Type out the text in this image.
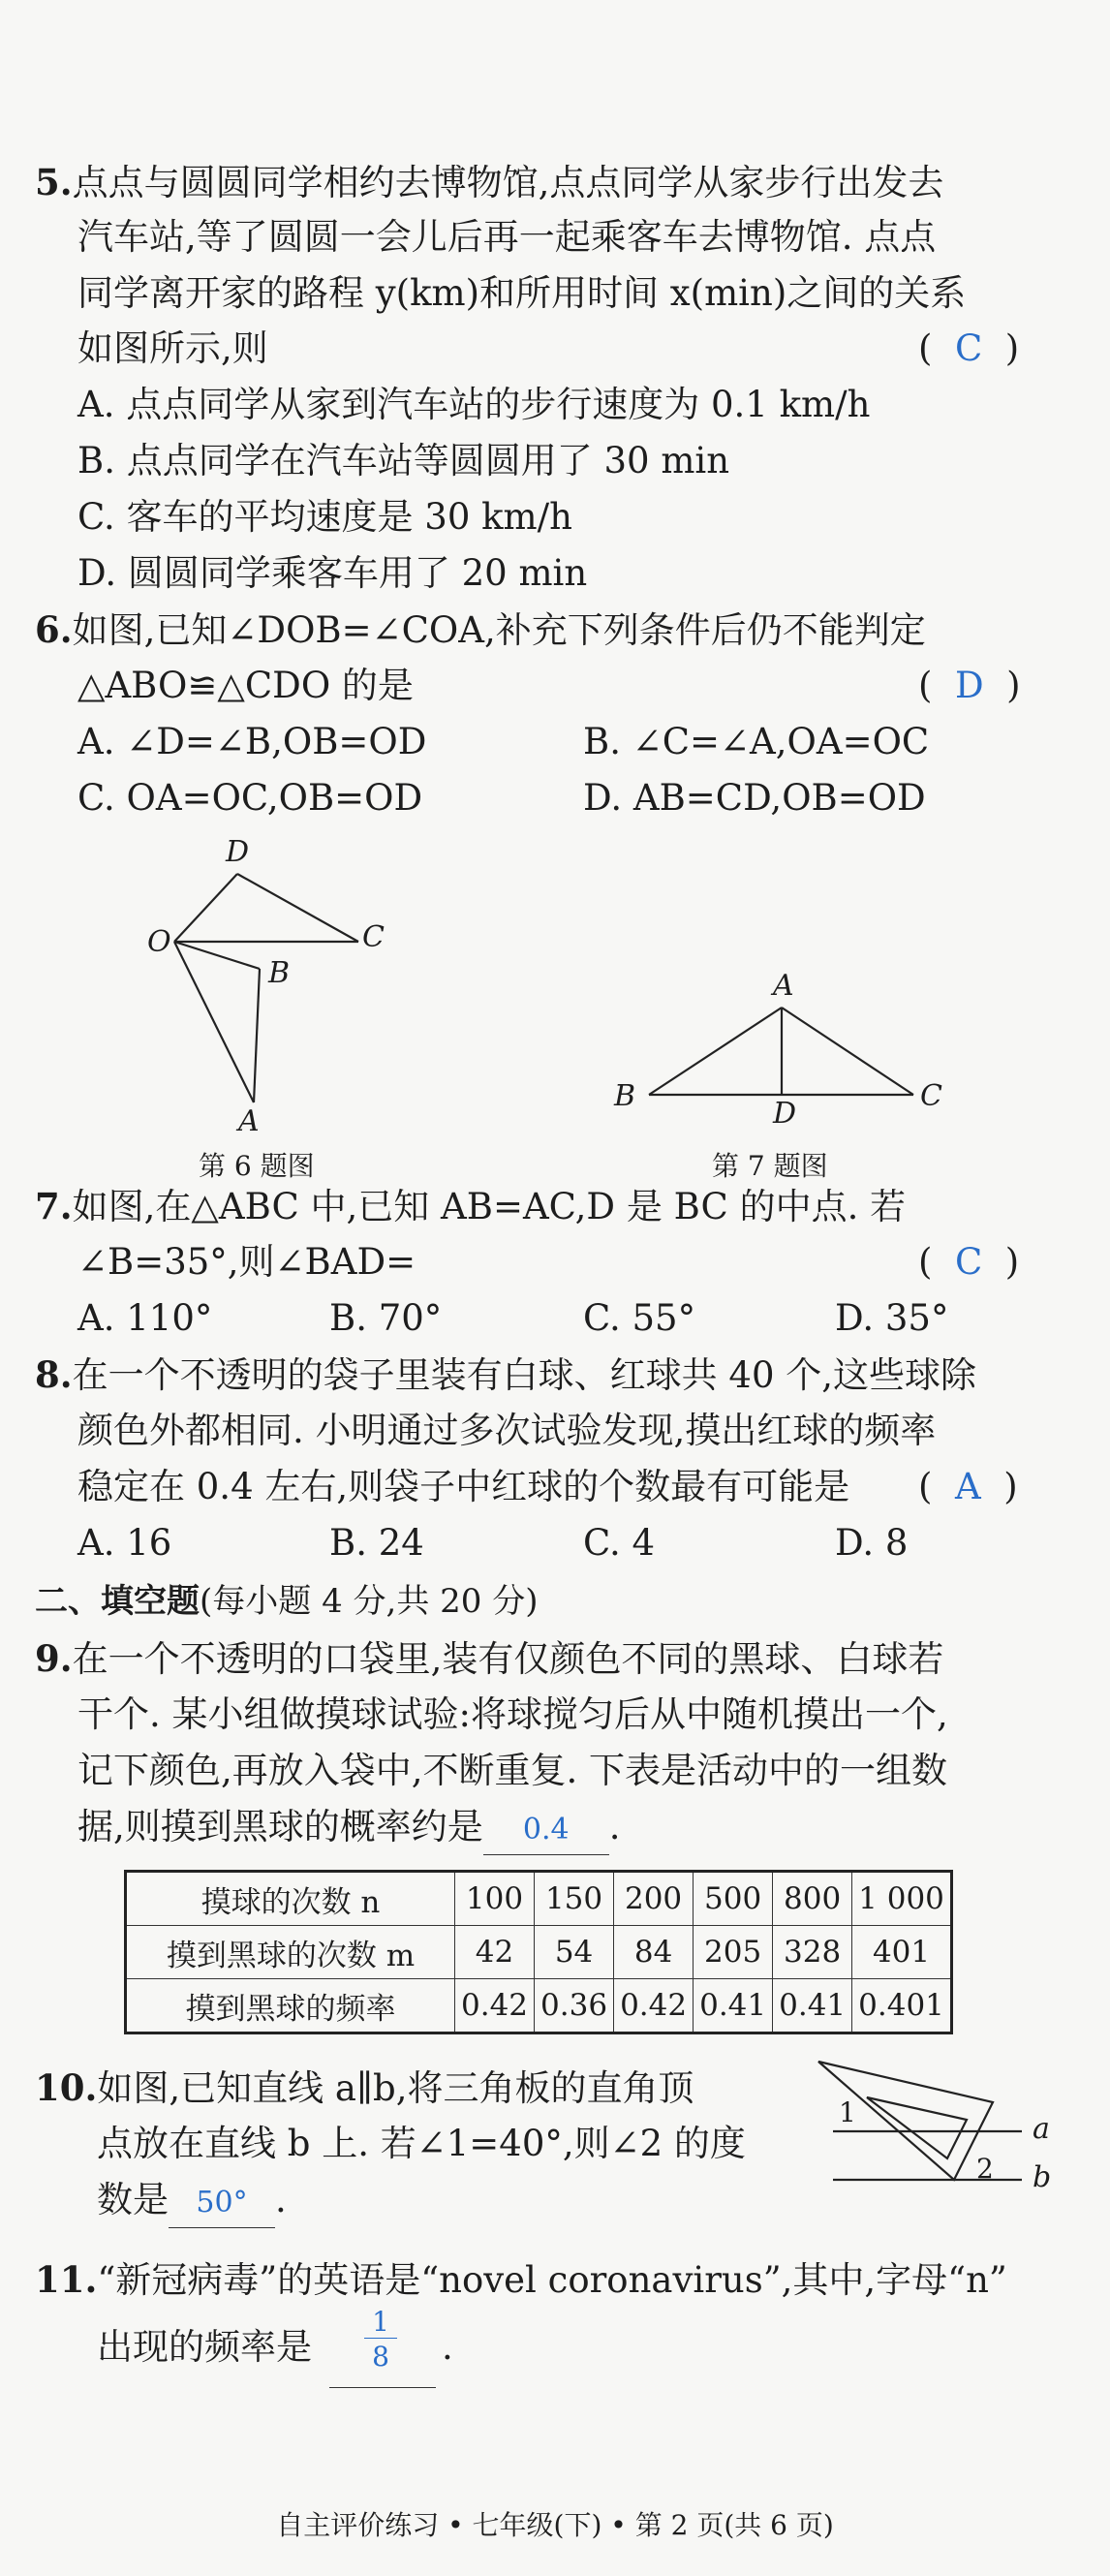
5.点点与圆圆同学相约去博物馆,点点同学从家步行出发去
汽车站,等了圆圆一会儿后再一起乘客车去博物馆. 点点
同学离开家的路程 y(km)和所用时间 x(min)之间的关系
如图所示,则	(  C  )
A. 点点同学从家到汽车站的步行速度为 0.1 km/h
B. 点点同学在汽车站等圆圆用了 30 min
C. 客车的平均速度是 30 km/h
D. 圆圆同学乘客车用了 20 min
6.如图,已知∠DOB=∠COA,补充下列条件后仍不能判定
△ABO≌△CDO 的是	(  D  )
A. ∠D=∠B,OB=OD	B. ∠C=∠A,OA=OC
C. OA=OC,OB=OD	D. AB=CD,OB=OD
D
O	C
B
A
第 6 题图
A
B
D
C
第 7 题图
7.如图,在△ABC 中,已知 AB=AC,D 是 BC 的中点. 若
∠B=35°,则∠BAD=	(  C  )
A. 110°	B. 70°	C. 55°	D. 35°
8.在一个不透明的袋子里装有白球、红球共 40 个,这些球除
颜色外都相同. 小明通过多次试验发现,摸出红球的频率
稳定在 0.4 左右,则袋子中红球的个数最有可能是 (  A  )
A. 16	B. 24	C. 4	D. 8
二、填空题(每小题 4 分,共 20 分)
9.在一个不透明的口袋里,装有仅颜色不同的黑球、白球若
干个. 某小组做摸球试验:将球搅匀后从中随机摸出一个,
记下颜色,再放入袋中,不断重复. 下表是活动中的一组数
据,则摸到黑球的概率约是 0.4 .
摸球的次数 n	100	150	200	500	800	1 000
摸到黑球的次数 m	42	54	84	205	328	401
摸到黑球的频率	0.42	0.36	0.42	0.41	0.41	0.401
10.如图,已知直线 a∥b,将三角板的直角顶
点放在直线 b 上. 若∠1=40°,则∠2 的度
数是 50° .
1
2
a
b
11.“新冠病毒”的英语是“novel coronavirus”,其中,字母“n”
出现的频率是 $\frac{1}{8}$ .
自主评价练习 • 七年级(下) • 第 2 页(共 6 页)
